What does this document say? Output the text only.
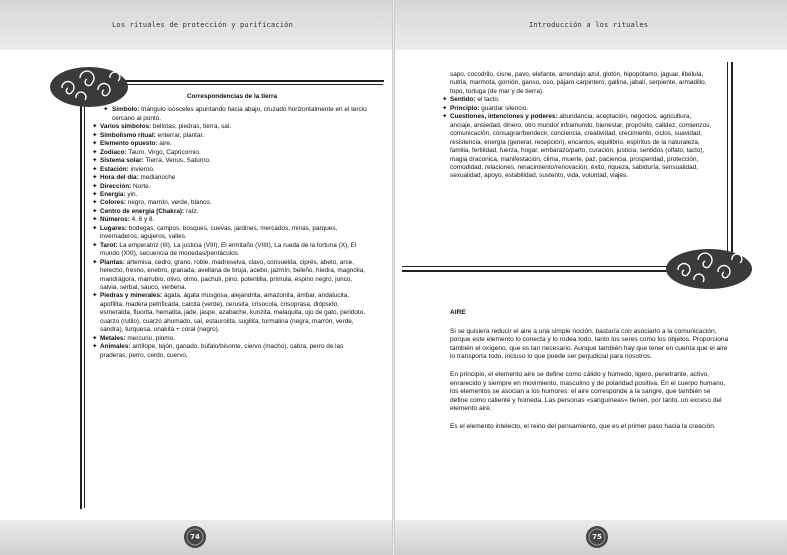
Los rituales de protección y purificación	Introducción a los rituales
Correspondencias de la tierra
✦ Símbolo: triángulo isósceles apuntando hacia abajo, cruzado horizontalmente en el tercio cercano al punto.
✦ Varios símbolos: bellotas, piedras, tierra, sal.
✦ Simbolismo ritual: enterrar, plantar.
✦ Elemento opuesto: aire.
✦ Zodíaco: Tauro, Virgo, Capricornio.
✦ Sistema solar: Tierra, Venus, Saturno.
✦ Estación: invierno.
✦ Hora del día: medianoche
✦ Dirección: Norte.
✦ Energía: yin.
✦ Colores: negro, marrón, verde, blanco.
✦ Centro de energía (Chakra): raíz.
✦ Números: 4, 6 y 8.
✦ Lugares: bodegas, campos, bosques, cuevas, jardines, mercados, minas, parques, invernaderos, agujeros, valles.
✦ Tarot: La emperatriz (III), La justicia (VIII), El ermitaño (VIIII), La rueda de la fortuna (X), El mundo (XXI), secuencia de monedas/pentáculos.
✦ Plantas: artemisa, cedro, grano, roble, madreselva, clavo, consuelda, ciprés, abeto, arce, helecho, fresno, enebro, granada, avellana de bruja, acebo, jazmín, beleño, hiedra, magnolia, mandrágora, marrubio, olivo, olmo, pachulí, pino, potentilla, prímula, espino negro, junco, salvia, serbal, sauco, verbena.
✦ Piedras y minerales: ágata, ágata musgosa, alejandrita, amazonita, ámbar, andalucita, apofilita, madera petrificada, calcita (verde), cerusita, crisocola, crisoprasa, diópsido, esmeralda, fluorita, hematita, jade, jaspe, azabache, kunzita, malaquita, ojo de gato, peridoto, cuarzo (rutilo), cuarzo ahumado, sal, estaurolita, sugilita, turmalina (negra, marrón, verde, sandra), turquesa, unakita + coral (negro).
✦ Metales: mercurio, plomo.
✦ Animales: antílope, tejón, ganado, búfalo/bisonte, ciervo (macho), cabra, perro de las praderas, perro, cerdo, cuervo,
sapo, cocodrilo, cisne, pavo, elefante, arrendajo azul, glotón, hipopótamo, jaguar, libélula, nutria, marmota, gorrión, ganso, oso, pájaro carpintero, gallina, jabalí, serpiente, armadillo, topo, tortuga (de mar y de tierra).
✦ Sentido: el tacto.
✦ Principio: guardar silencio.
✦ Cuestiones, intenciones y poderes: abundancia, aceptación, negocios, agricultura, anciaje, ansiedad, dinero, otro mundo/ inframundo, bienestar, propósito, calidez, comienzos, comunicación, consagrar/bendecir, conciencia, creatividad, crecimiento, ciclos, suavidad, resistencia, energía (general, recepción), encantos, equilibrio, espíritus de la naturaleza, familia, fertilidad, fuerza, hogar, embarazo/parto, curación, justicia, sentidos (olfato, tacto), magia draconica, manifestación, clima, muerte, paz, paciencia, prosperidad, protección, comodidad, relaciones, renacimiento/renovación, éxito, riqueza, sabiduría, sensualidad, sexualidad, apoyo, estabilidad, sustento, vida, voluntad, viajes.
AIRE

Si se quisiera reducir el aire a una simple noción, bastaría con asociarlo a la comunicación, porque este elemento lo conecta y lo rodea todo, tanto los seres como los objetos. Proporciona también el oxígeno, que es tan necesario. Aunque también hay que tener en cuenta que el aire lo transporta todo, incluso lo que puede ser perjudicial para nosotros.

En principio, el elemento aire se define como cálido y húmedo, ligero, penetrante, activo, enrarecido y siempre en movimiento, masculino y de polaridad positiva. En el cuerpo humano, los elementos se asocian a los humores: el aire corresponde a la sangre, que también se define como caliente y húmeda. Las personas «sanguíneas» tienen, por tanto, un exceso del elemento aire.

Es el elemento intelecto, el reino del pensamiento, que es el primer paso hacia la creación.

74	75
